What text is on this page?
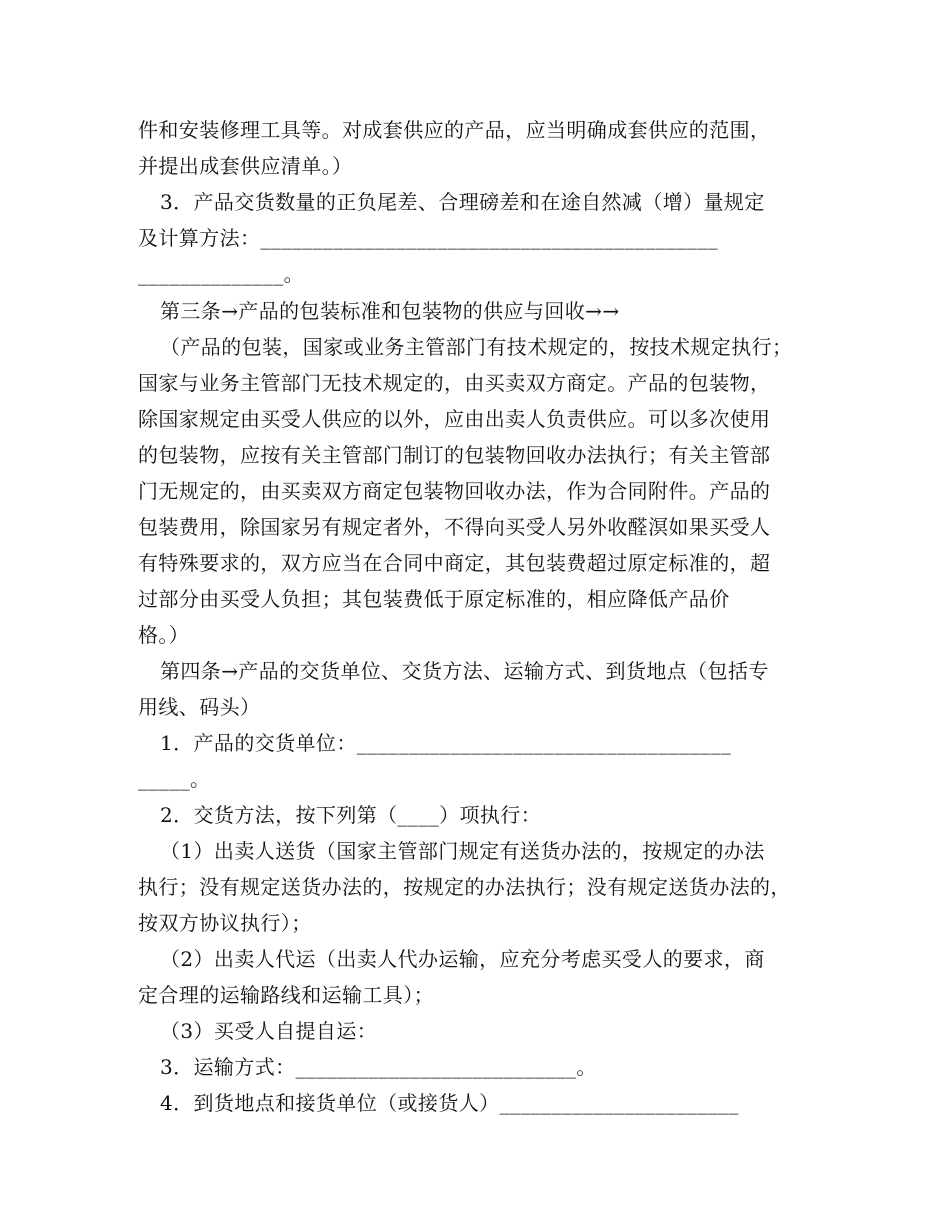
件和安装修理工具等。对成套供应的产品，应当明确成套供应的范围，
并提出成套供应清单。）
3．产品交货数量的正负尾差、合理磅差和在途自然减（增）量规定
及计算方法：____________________________________________
______________。
第三条→产品的包装标准和包装物的供应与回收→→
（产品的包装，国家或业务主管部门有技术规定的，按技术规定执行；
国家与业务主管部门无技术规定的，由买卖双方商定。产品的包装物，
除国家规定由买受人供应的以外，应由出卖人负责供应。可以多次使用
的包装物，应按有关主管部门制订的包装物回收办法执行；有关主管部
门无规定的，由买卖双方商定包装物回收办法，作为合同附件。产品的
包装费用，除国家另有规定者外，不得向买受人另外收醛溟如果买受人
有特殊要求的，双方应当在合同中商定，其包装费超过原定标准的，超
过部分由买受人负担；其包装费低于原定标准的，相应降低产品价
格。）
第四条→产品的交货单位、交货方法、运输方式、到货地点（包括专
用线、码头）
1．产品的交货单位：____________________________________
_____。
2．交货方法，按下列第（____）项执行：
（1）出卖人送货（国家主管部门规定有送货办法的，按规定的办法
执行；没有规定送货办法的，按规定的办法执行；没有规定送货办法的，
按双方协议执行）；
（2）出卖人代运（出卖人代办运输，应充分考虑买受人的要求，商
定合理的运输路线和运输工具）；
（3）买受人自提自运：
3．运输方式：___________________________。
4．到货地点和接货单位（或接货人）_______________________
